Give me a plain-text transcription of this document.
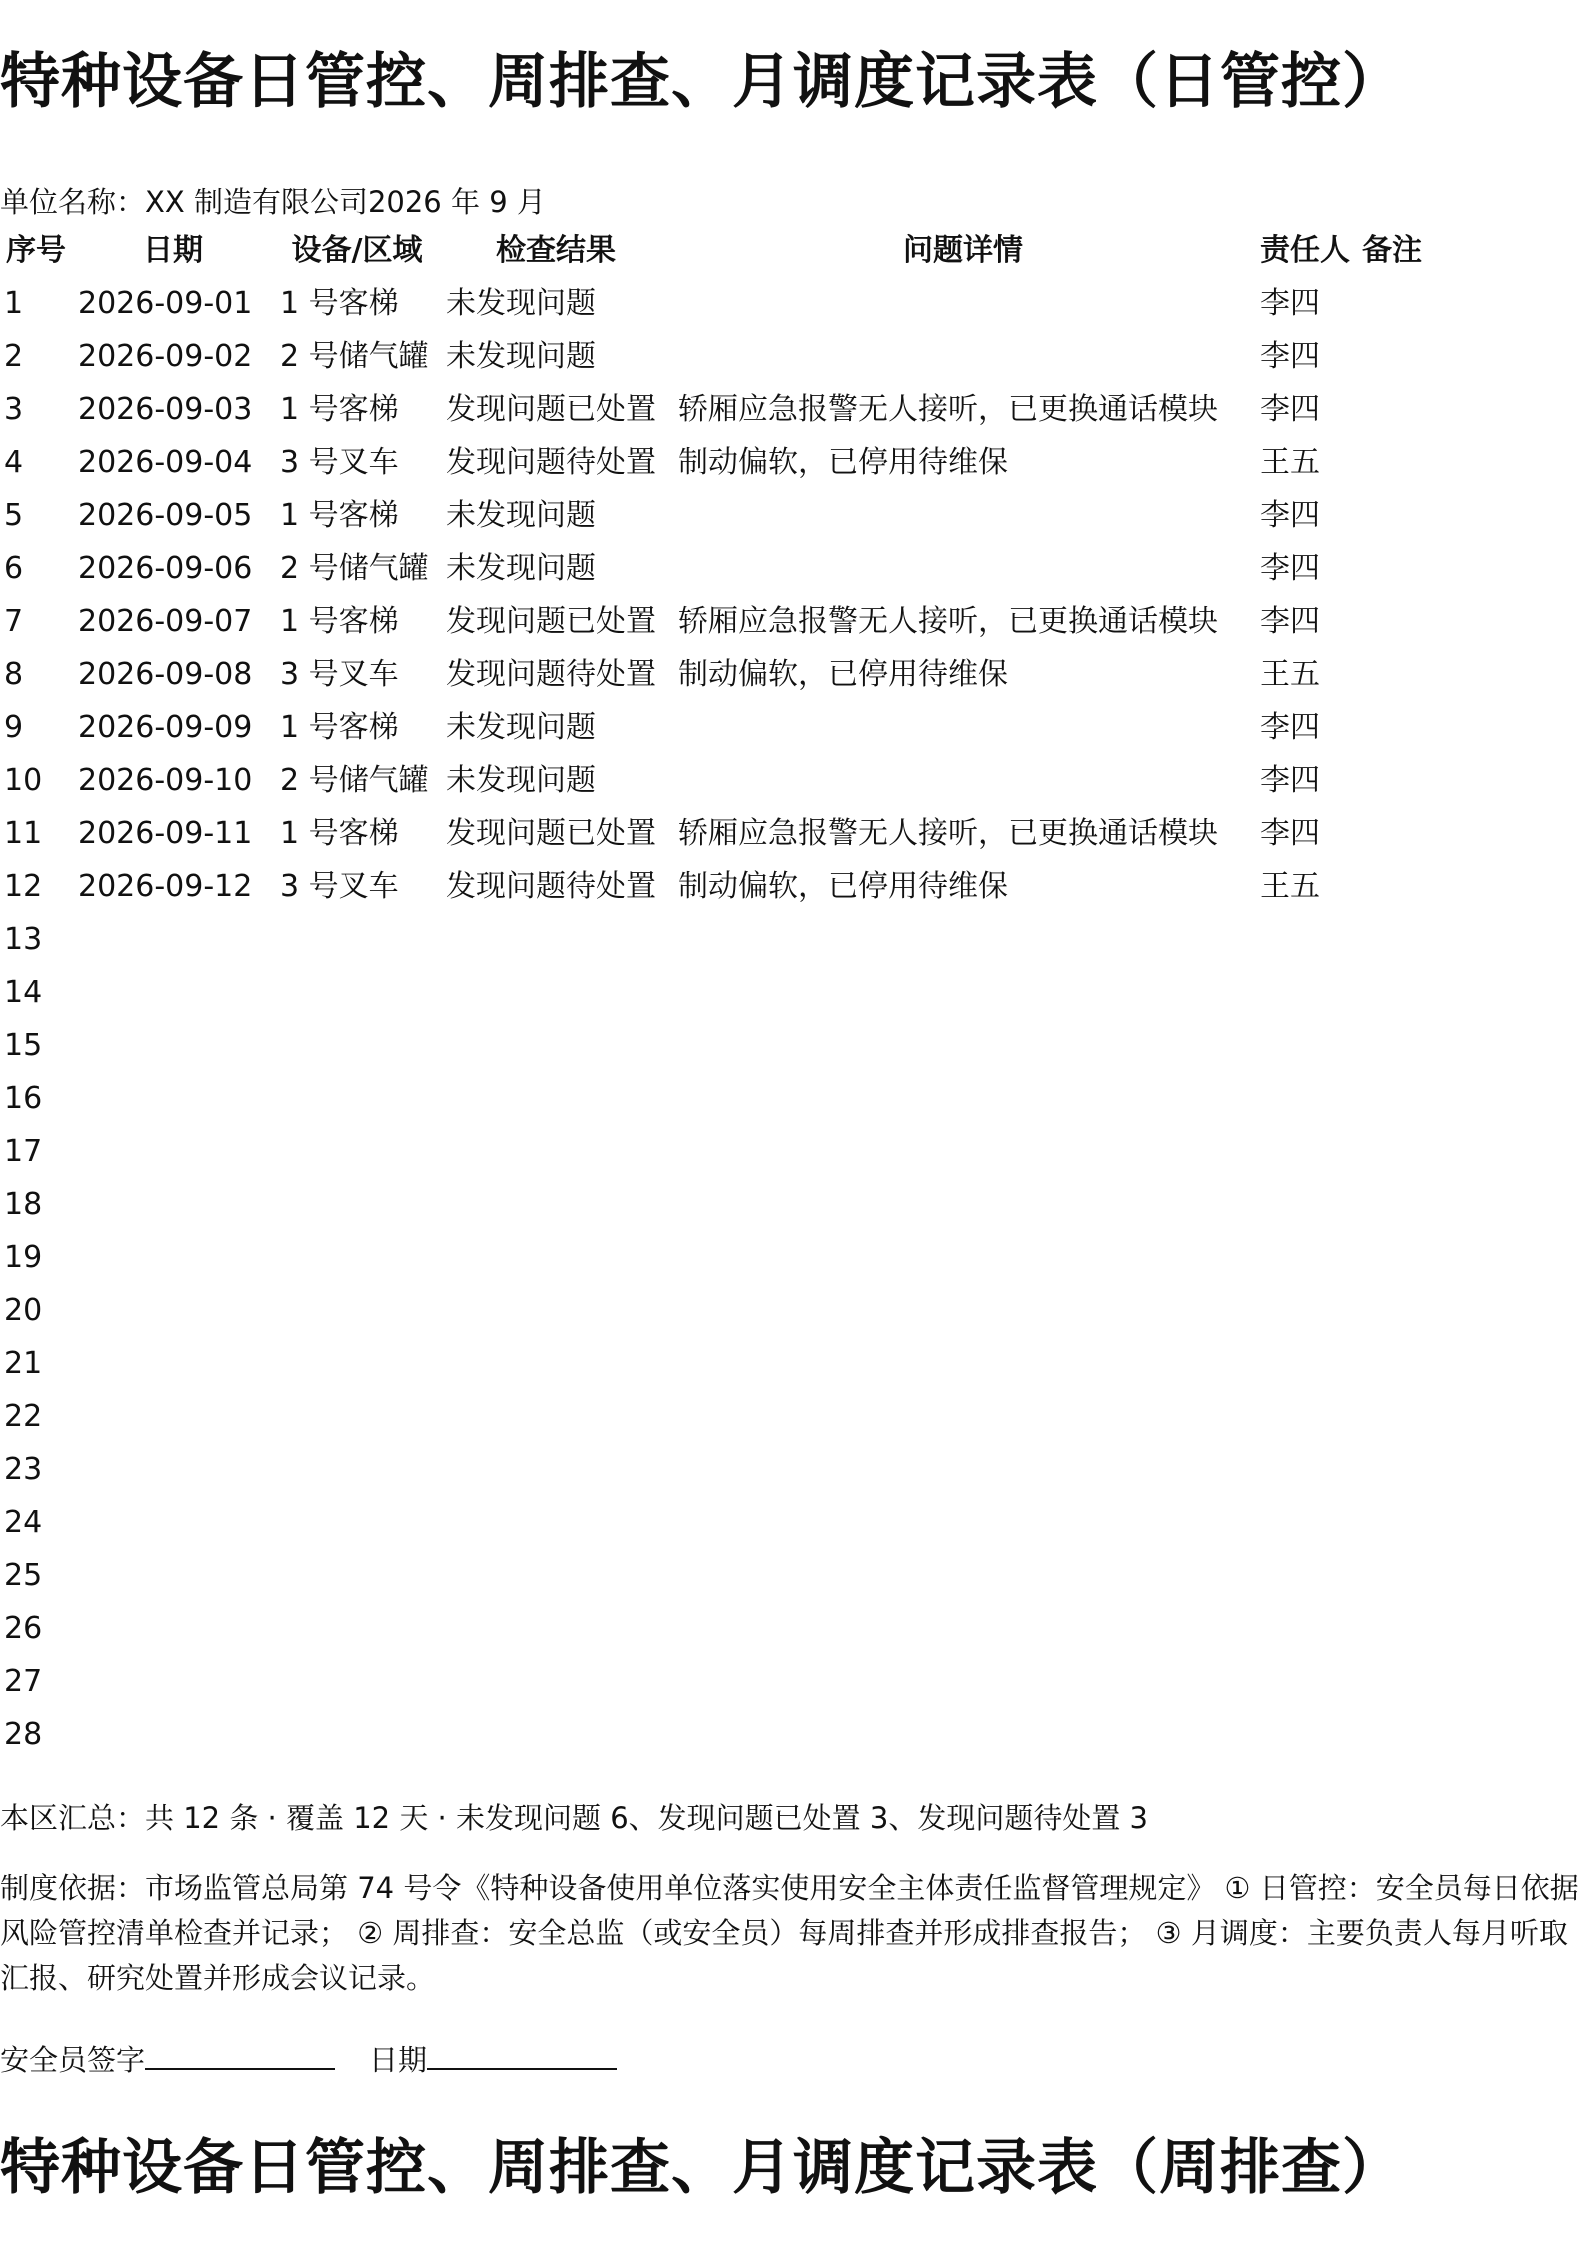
特种设备日管控、周排查、月调度记录表（日管控）
单位名称：XX 制造有限公司2026 年 9 月
序号	日期	设备/区域	检查结果	问题详情	责任人	备注
1	2026-09-01	1 号客梯	未发现问题		李四	
2	2026-09-02	2 号储气罐	未发现问题		李四	
3	2026-09-03	1 号客梯	发现问题已处置	轿厢应急报警无人接听，已更换通话模块	李四	
4	2026-09-04	3 号叉车	发现问题待处置	制动偏软，已停用待维保	王五	
5	2026-09-05	1 号客梯	未发现问题		李四	
6	2026-09-06	2 号储气罐	未发现问题		李四	
7	2026-09-07	1 号客梯	发现问题已处置	轿厢应急报警无人接听，已更换通话模块	李四	
8	2026-09-08	3 号叉车	发现问题待处置	制动偏软，已停用待维保	王五	
9	2026-09-09	1 号客梯	未发现问题		李四	
10	2026-09-10	2 号储气罐	未发现问题		李四	
11	2026-09-11	1 号客梯	发现问题已处置	轿厢应急报警无人接听，已更换通话模块	李四	
12	2026-09-12	3 号叉车	发现问题待处置	制动偏软，已停用待维保	王五	
13						
14						
15						
16						
17						
18						
19						
20						
21						
22						
23						
24						
25						
26						
27						
28						
本区汇总：共 12 条 · 覆盖 12 天 · 未发现问题 6、发现问题已处置 3、发现问题待处置 3
制度依据：市场监管总局第 74 号令《特种设备使用单位落实使用安全主体责任监督管理规定》 ① 日管控：安全员每日依据风险管控清单检查并记录； ② 周排查：安全总监（或安全员）每周排查并形成排查报告； ③ 月调度：主要负责人每月听取汇报、研究处置并形成会议记录。
安全员签字	日期
特种设备日管控、周排查、月调度记录表（周排查）
